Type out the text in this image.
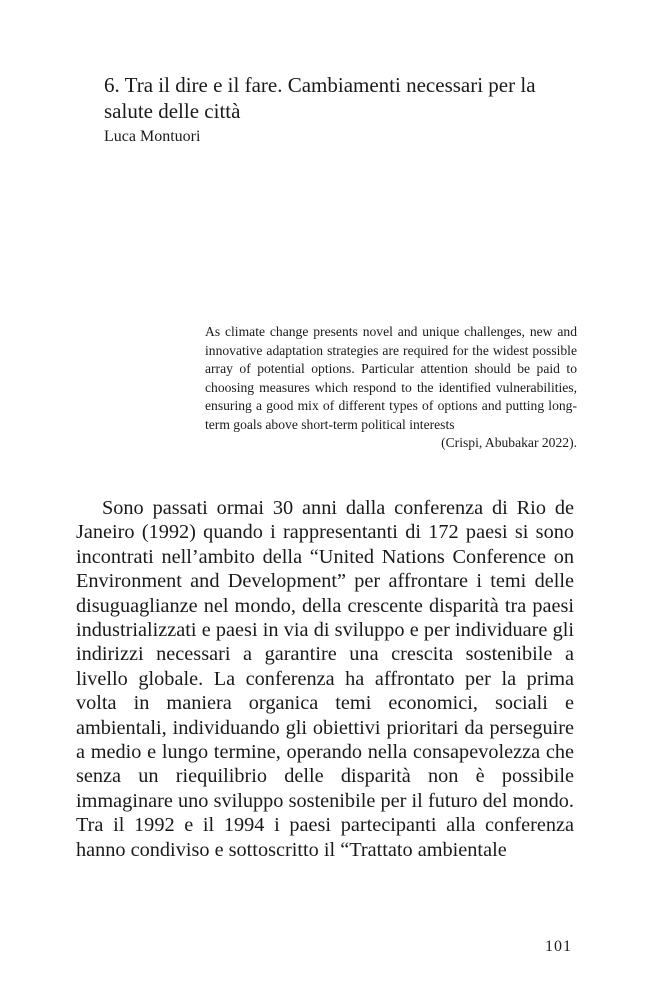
6. Tra il dire e il fare. Cambiamenti necessari per la salute delle città

Luca Montuori

As climate change presents novel and unique challenges, new and innovative adaptation strategies are required for the widest possible array of potential options. Particular attention should be paid to choosing measures which respond to the identified vulnerabilities, ensuring a good mix of different types of options and putting long-term goals above short-term political interests

(Crispi, Abubakar 2022).

Sono passati ormai 30 anni dalla conferenza di Rio de Janeiro (1992) quando i rappresentanti di 172 paesi si sono incontrati nell’ambito della “United Nations Conference on Environment and Development” per affrontare i temi delle disuguaglianze nel mondo, della crescente disparità tra paesi industrializzati e paesi in via di sviluppo e per individuare gli indirizzi necessari a garantire una crescita sostenibile a livello globale. La conferenza ha affrontato per la prima volta in maniera organica temi economici, sociali e ambientali, individuando gli obiettivi prioritari da perseguire a medio e lungo termine, operando nella consapevolezza che senza un riequilibrio delle disparità non è possibile immaginare uno sviluppo sostenibile per il futuro del mondo. Tra il 1992 e il 1994 i paesi partecipanti alla conferenza hanno condiviso e sottoscritto il “Trattato ambientale

101
